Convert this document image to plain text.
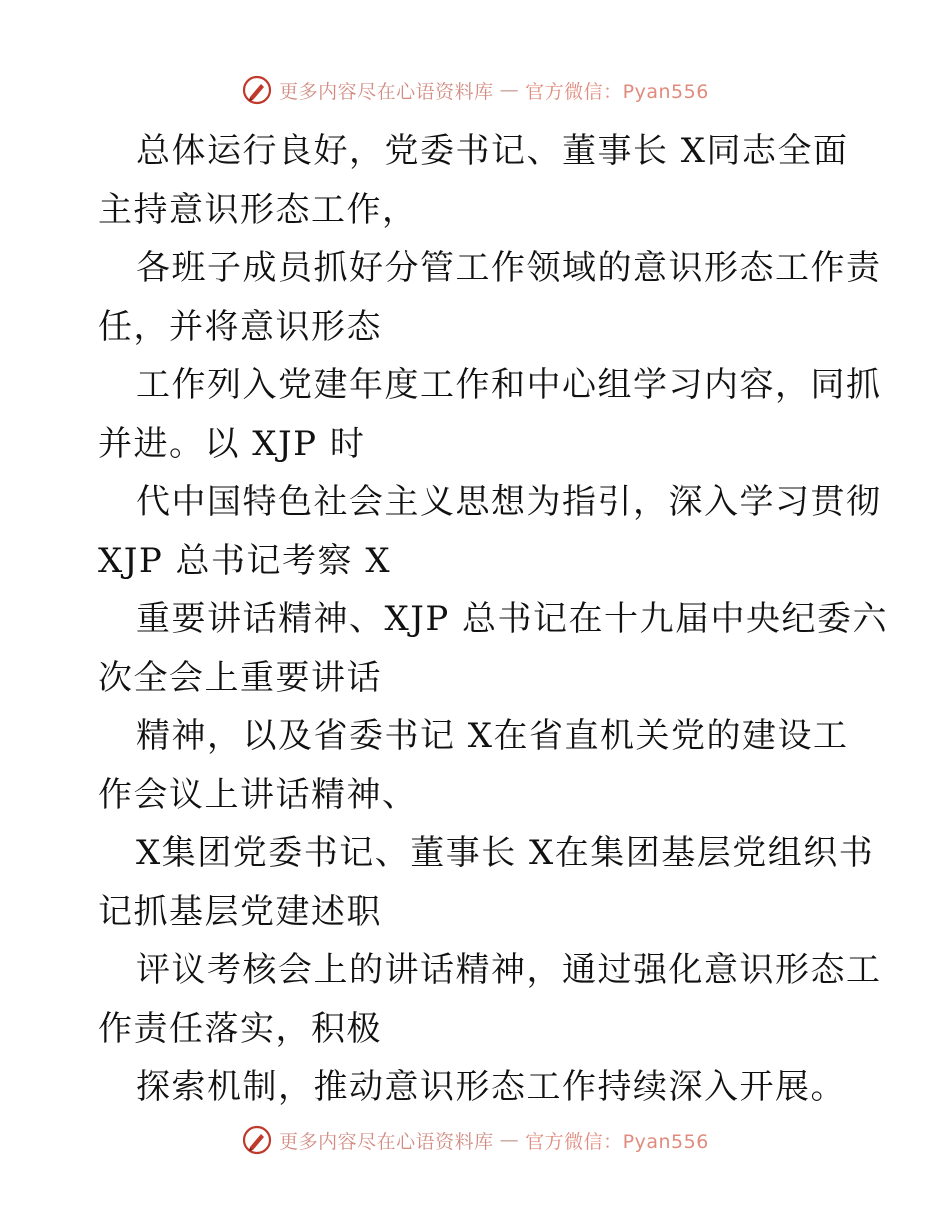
更多内容尽在心语资料库 — 官方微信：Pyan556
总体运行良好，党委书记、董事长 X同志全面
主持意识形态工作，
各班子成员抓好分管工作领域的意识形态工作责
任，并将意识形态
工作列入党建年度工作和中心组学习内容，同抓
并进。以 XJP 时
代中国特色社会主义思想为指引，深入学习贯彻
XJP 总书记考察 X
重要讲话精神、XJP 总书记在十九届中央纪委六
次全会上重要讲话
精神，以及省委书记 X在省直机关党的建设工
作会议上讲话精神、
X集团党委书记、董事长 X在集团基层党组织书
记抓基层党建述职
评议考核会上的讲话精神，通过强化意识形态工
作责任落实，积极
探索机制，推动意识形态工作持续深入开展。
更多内容尽在心语资料库 — 官方微信：Pyan556
